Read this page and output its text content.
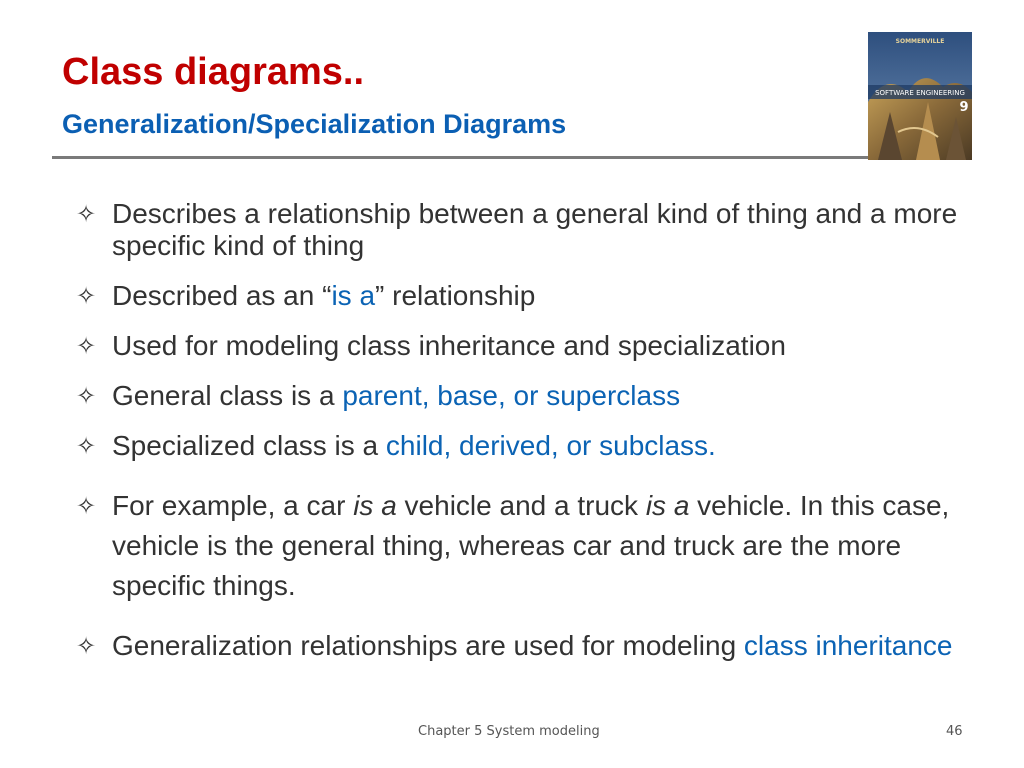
Class diagrams..
Generalization/Specialization Diagrams
SOFTWARE ENGINEERING
SOMMERVILLE
9
✧ Describes a relationship between a general kind of thing and a more specific kind of thing
✧ Described as an “is a” relationship
✧ Used for modeling class inheritance and specialization
✧ General class is a parent, base, or superclass
✧ Specialized class is a child, derived, or subclass.
✧ For example, a car is a vehicle and a truck is a vehicle. In this case, vehicle is the general thing, whereas car and truck are the more specific things.
✧ Generalization relationships are used for modeling class inheritance
Chapter 5 System modeling	46
